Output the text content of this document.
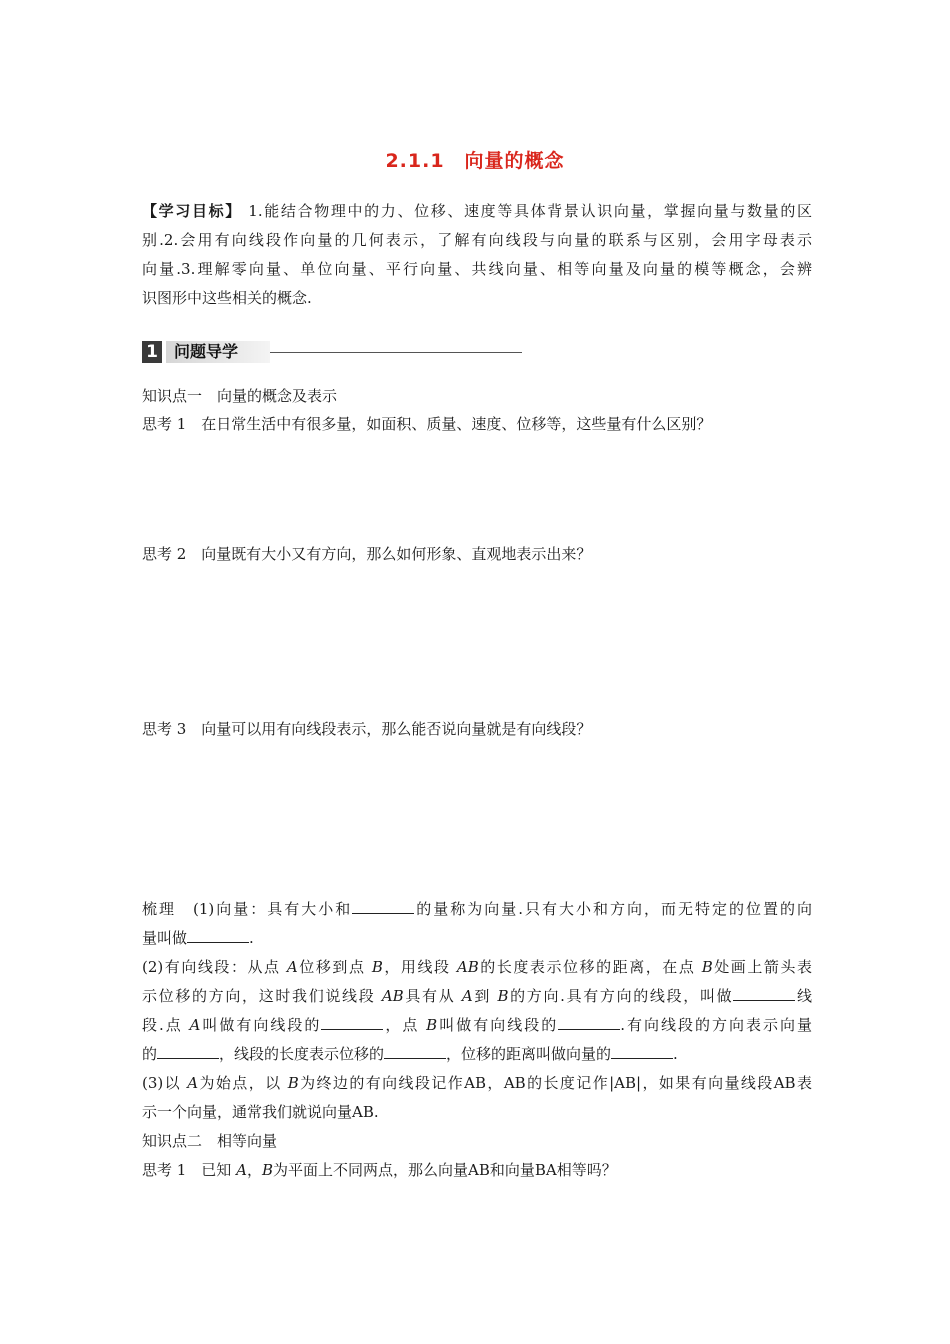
2.1.1　向量的概念
【学习目标】 1.能结合物理中的力、位移、速度等具体背景认识向量，掌握向量与数量的区
别.2.会用有向线段作向量的几何表示，了解有向线段与向量的联系与区别，会用字母表示
向量.3.理解零向量、单位向量、平行向量、共线向量、相等向量及向量的模等概念，会辨
识图形中这些相关的概念.
1	问题导学
知识点一　向量的概念及表示
思考 1　在日常生活中有很多量，如面积、质量、速度、位移等，这些量有什么区别？
思考 2　向量既有大小又有方向，那么如何形象、直观地表示出来？
思考 3　向量可以用有向线段表示，那么能否说向量就是有向线段？
梳理　(1)向量：具有大小和	的量称为向量.只有大小和方向，而无特定的位置的向
量叫做	.
(2)有向线段：从点 A位移到点 B，用线段 AB的长度表示位移的距离，在点 B处画上箭头表
示位移的方向，这时我们说线段 AB具有从 A到 B的方向.具有方向的线段，叫做	线
段.点 A叫做有向线段的	，点 B叫做有向线段的	.有向线段的方向表示向量
的	，线段的长度表示位移的	，位移的距离叫做向量的	.
(3)以 A为始点，以 B为终边的有向线段记作AB，AB的长度记作|AB|，如果有向量线段AB表
示一个向量，通常我们就说向量AB.
知识点二　相等向量
思考 1　已知 A，B为平面上不同两点，那么向量AB和向量BA相等吗？
